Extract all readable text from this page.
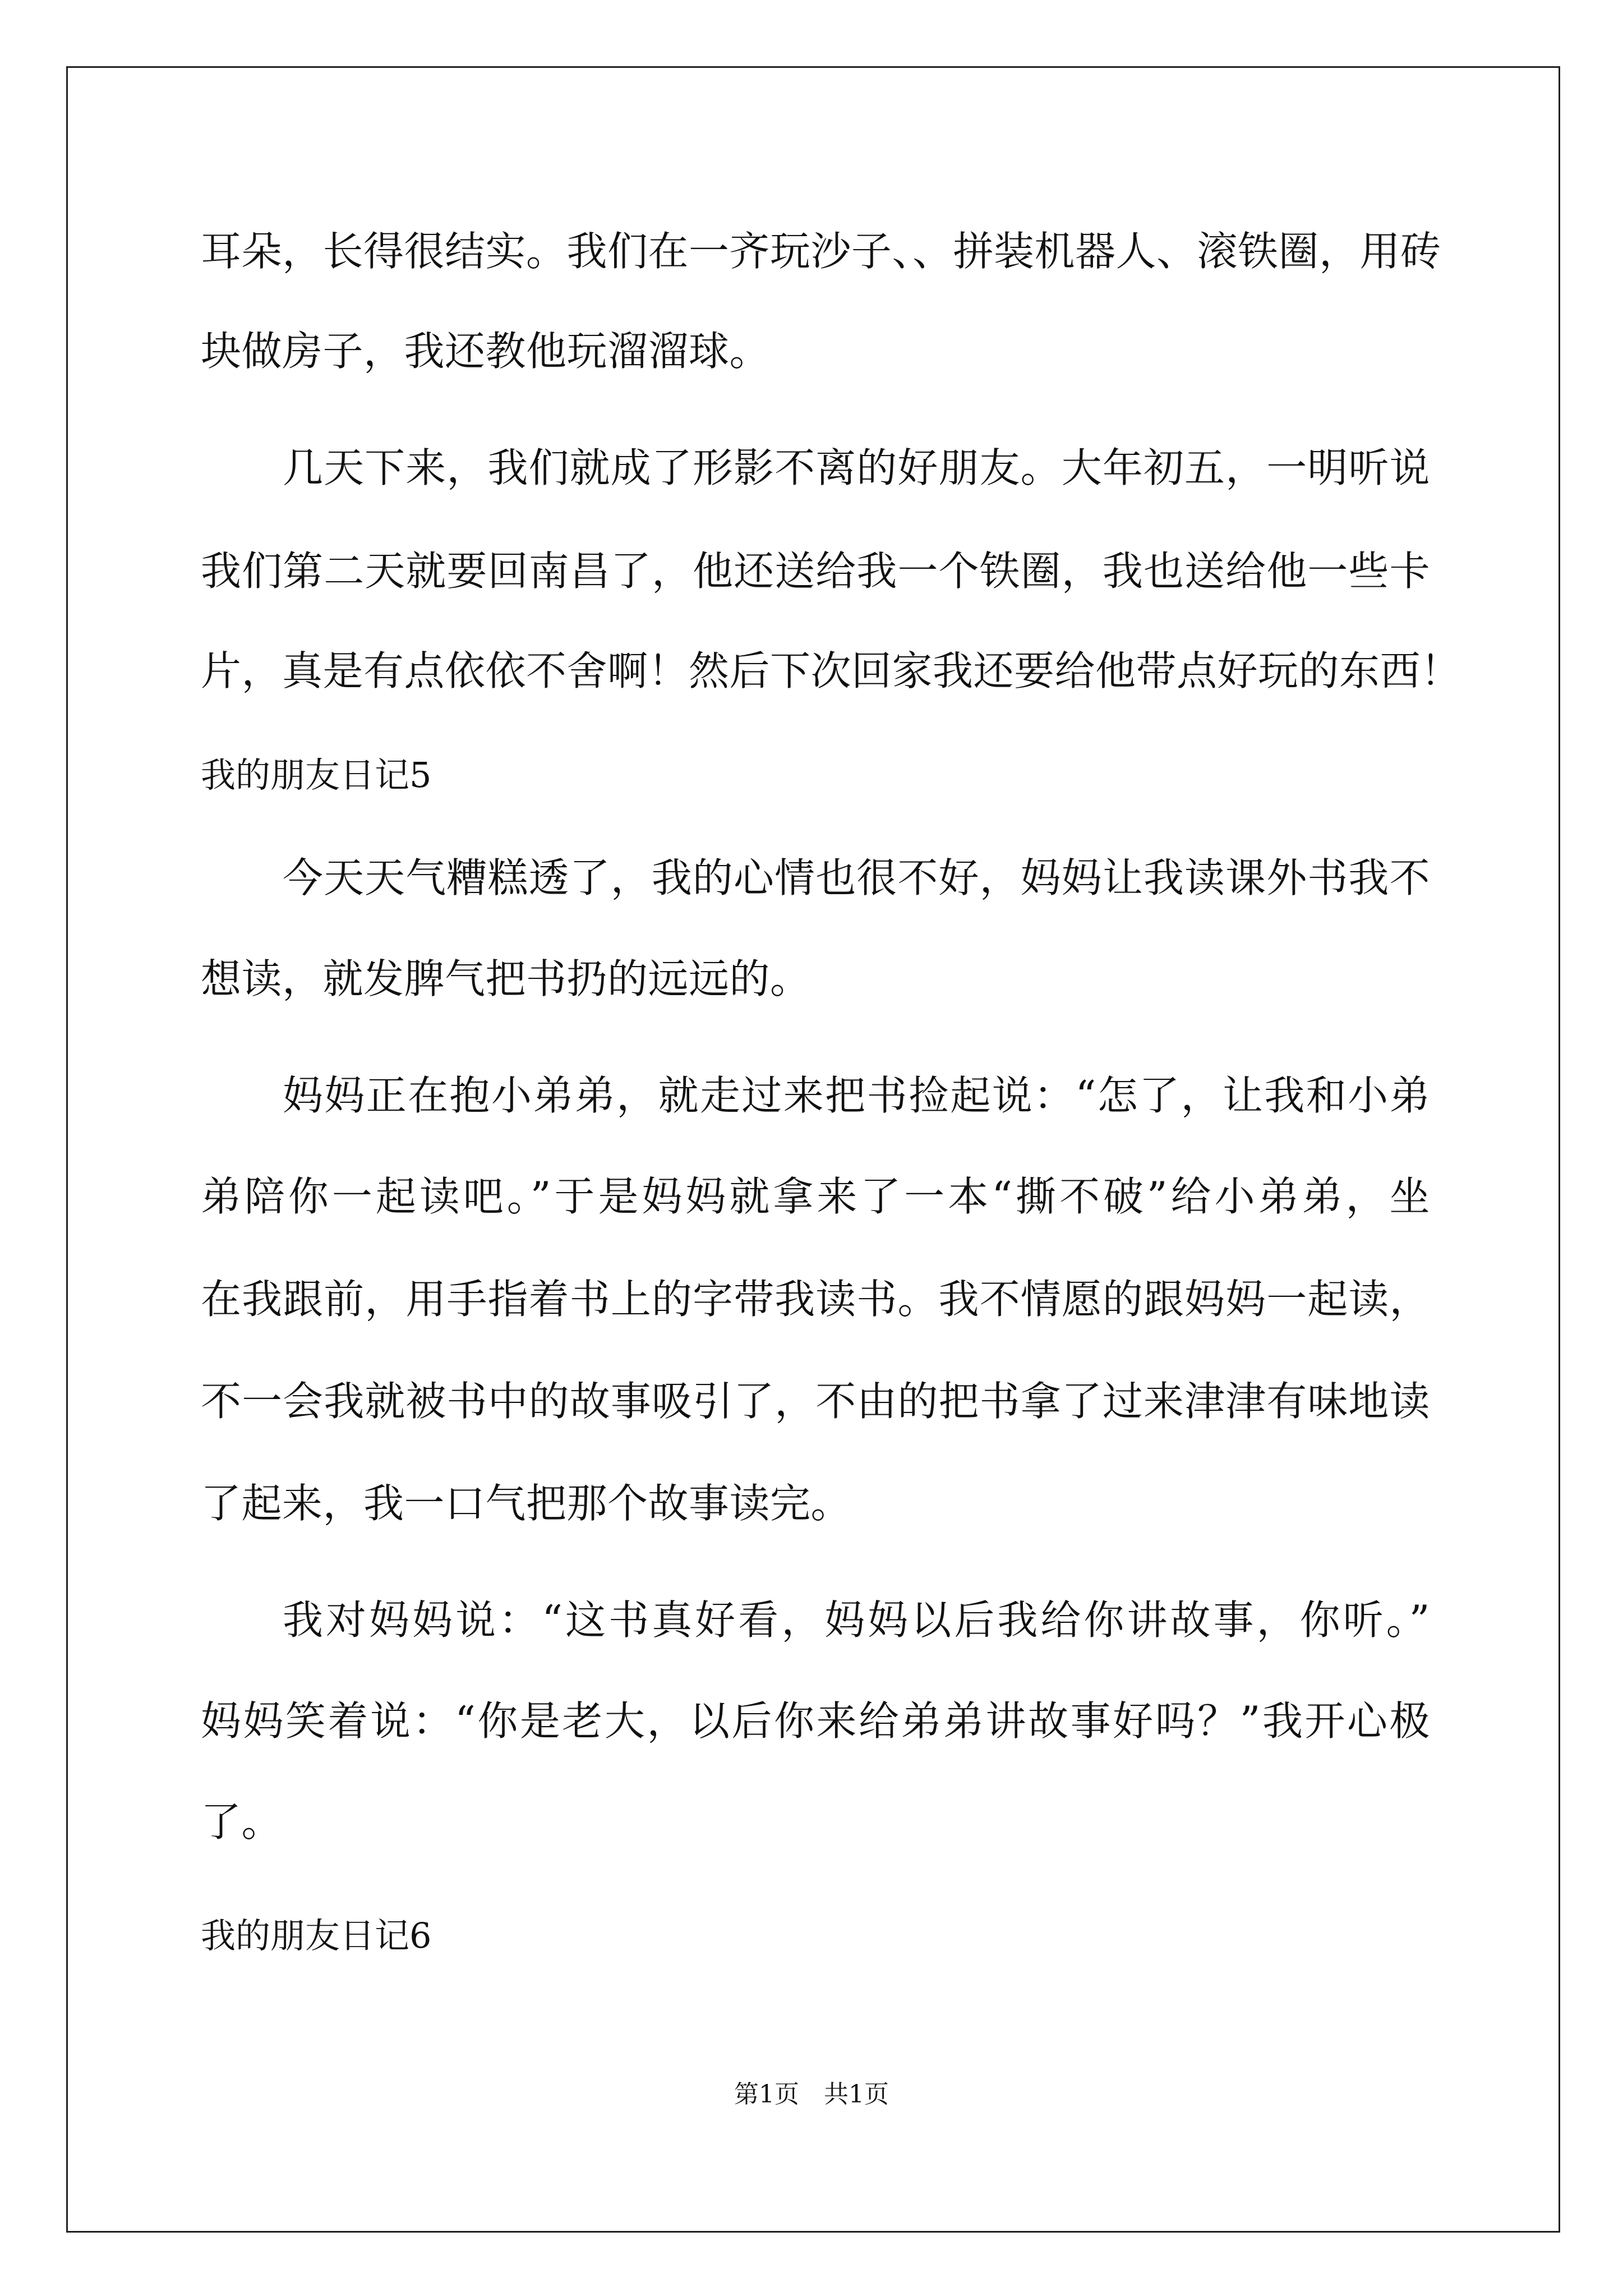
耳朵，长得很结实。我们在一齐玩沙子、、拼装机器人、滚铁圈，用砖
块做房子，我还教他玩溜溜球。
几天下来，我们就成了形影不离的好朋友。大年初五，一明听说
我们第二天就要回南昌了，他还送给我一个铁圈，我也送给他一些卡
片，真是有点依依不舍啊！然后下次回家我还要给他带点好玩的东西！
我的朋友日记5
今天天气糟糕透了，我的心情也很不好，妈妈让我读课外书我不
想读，就发脾气把书扔的远远的。
妈妈正在抱小弟弟，就走过来把书捡起说：“怎了，让我和小弟
弟陪你一起读吧。”于是妈妈就拿来了一本“撕不破”给小弟弟，坐
在我跟前，用手指着书上的字带我读书。我不情愿的跟妈妈一起读，
不一会我就被书中的故事吸引了，不由的把书拿了过来津津有味地读
了起来，我一口气把那个故事读完。
我对妈妈说：“这书真好看，妈妈以后我给你讲故事，你听。”
妈妈笑着说：“你是老大，以后你来给弟弟讲故事好吗？”我开心极
了。
我的朋友日记6
第1页　共1页
